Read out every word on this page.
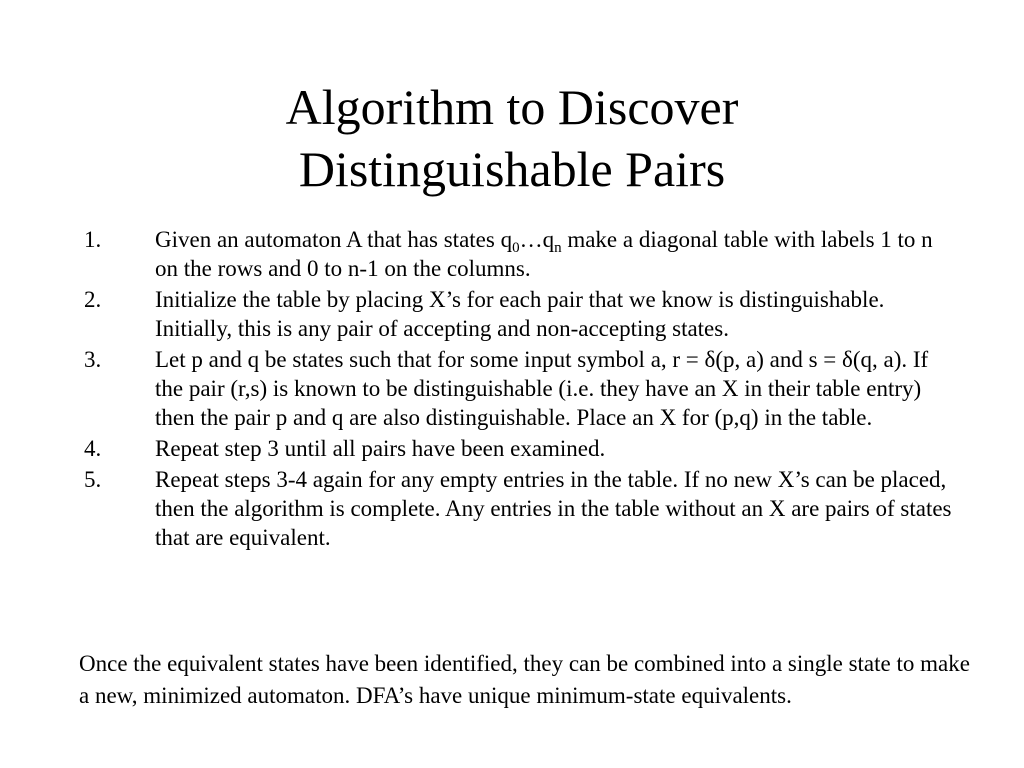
Algorithm to Discover
Distinguishable Pairs
1. Given an automaton A that has states $q_0\dots q_n$ make a diagonal table with labels 1 to n on the rows and 0 to n-1 on the columns.
2. Initialize the table by placing X’s for each pair that we know is distinguishable. Initially, this is any pair of accepting and non-accepting states.
3. Let p and q be states such that for some input symbol a, r = δ(p, a) and s = δ(q, a). If the pair (r,s) is known to be distinguishable (i.e. they have an X in their table entry) then the pair p and q are also distinguishable. Place an X for (p,q) in the table.
4. Repeat step 3 until all pairs have been examined.
5. Repeat steps 3-4 again for any empty entries in the table. If no new X’s can be placed, then the algorithm is complete. Any entries in the table without an X are pairs of states that are equivalent.

Once the equivalent states have been identified, they can be combined into a single state to make a new, minimized automaton. DFA’s have unique minimum-state equivalents.
